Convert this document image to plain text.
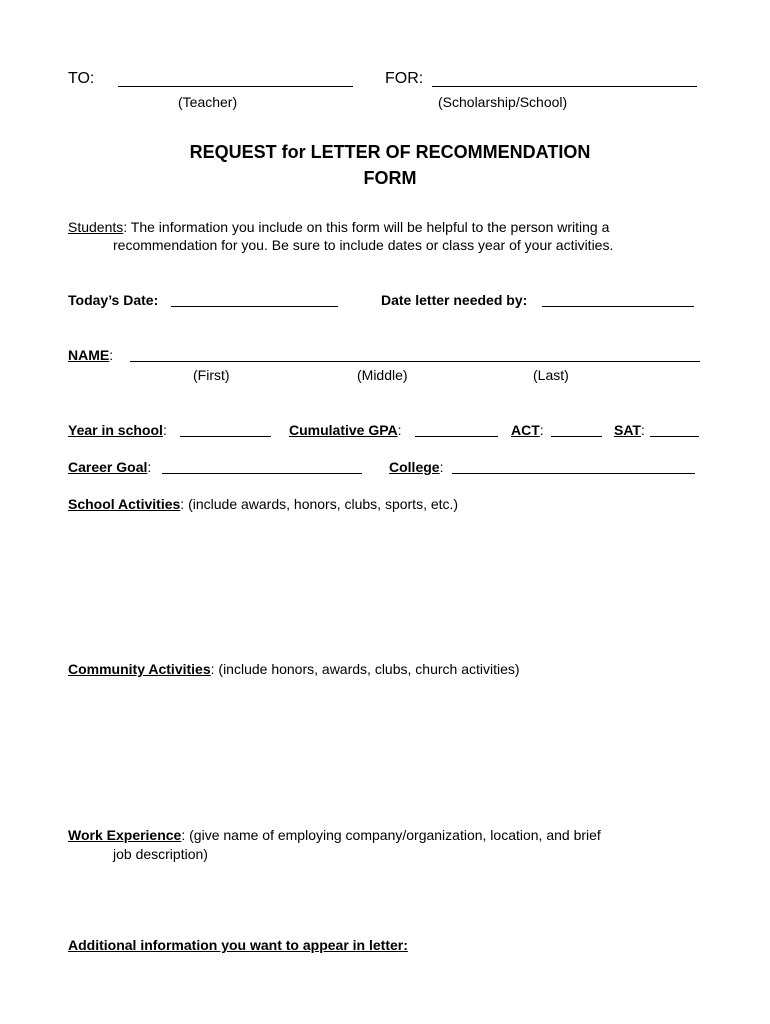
TO:
(Teacher)
FOR:
(Scholarship/School)
REQUEST for LETTER OF RECOMMENDATION
FORM
Students: The information you include on this form will be helpful to the person writing a
recommendation for you. Be sure to include dates or class year of your activities.
Today’s Date:	Date letter needed by:
NAME:
(First)	(Middle)	(Last)
Year in school:	Cumulative GPA:	ACT:	SAT:
Career Goal:	College:
School Activities: (include awards, honors, clubs, sports, etc.)
Community Activities: (include honors, awards, clubs, church activities)
Work Experience: (give name of employing company/organization, location, and brief
job description)
Additional information you want to appear in letter:
